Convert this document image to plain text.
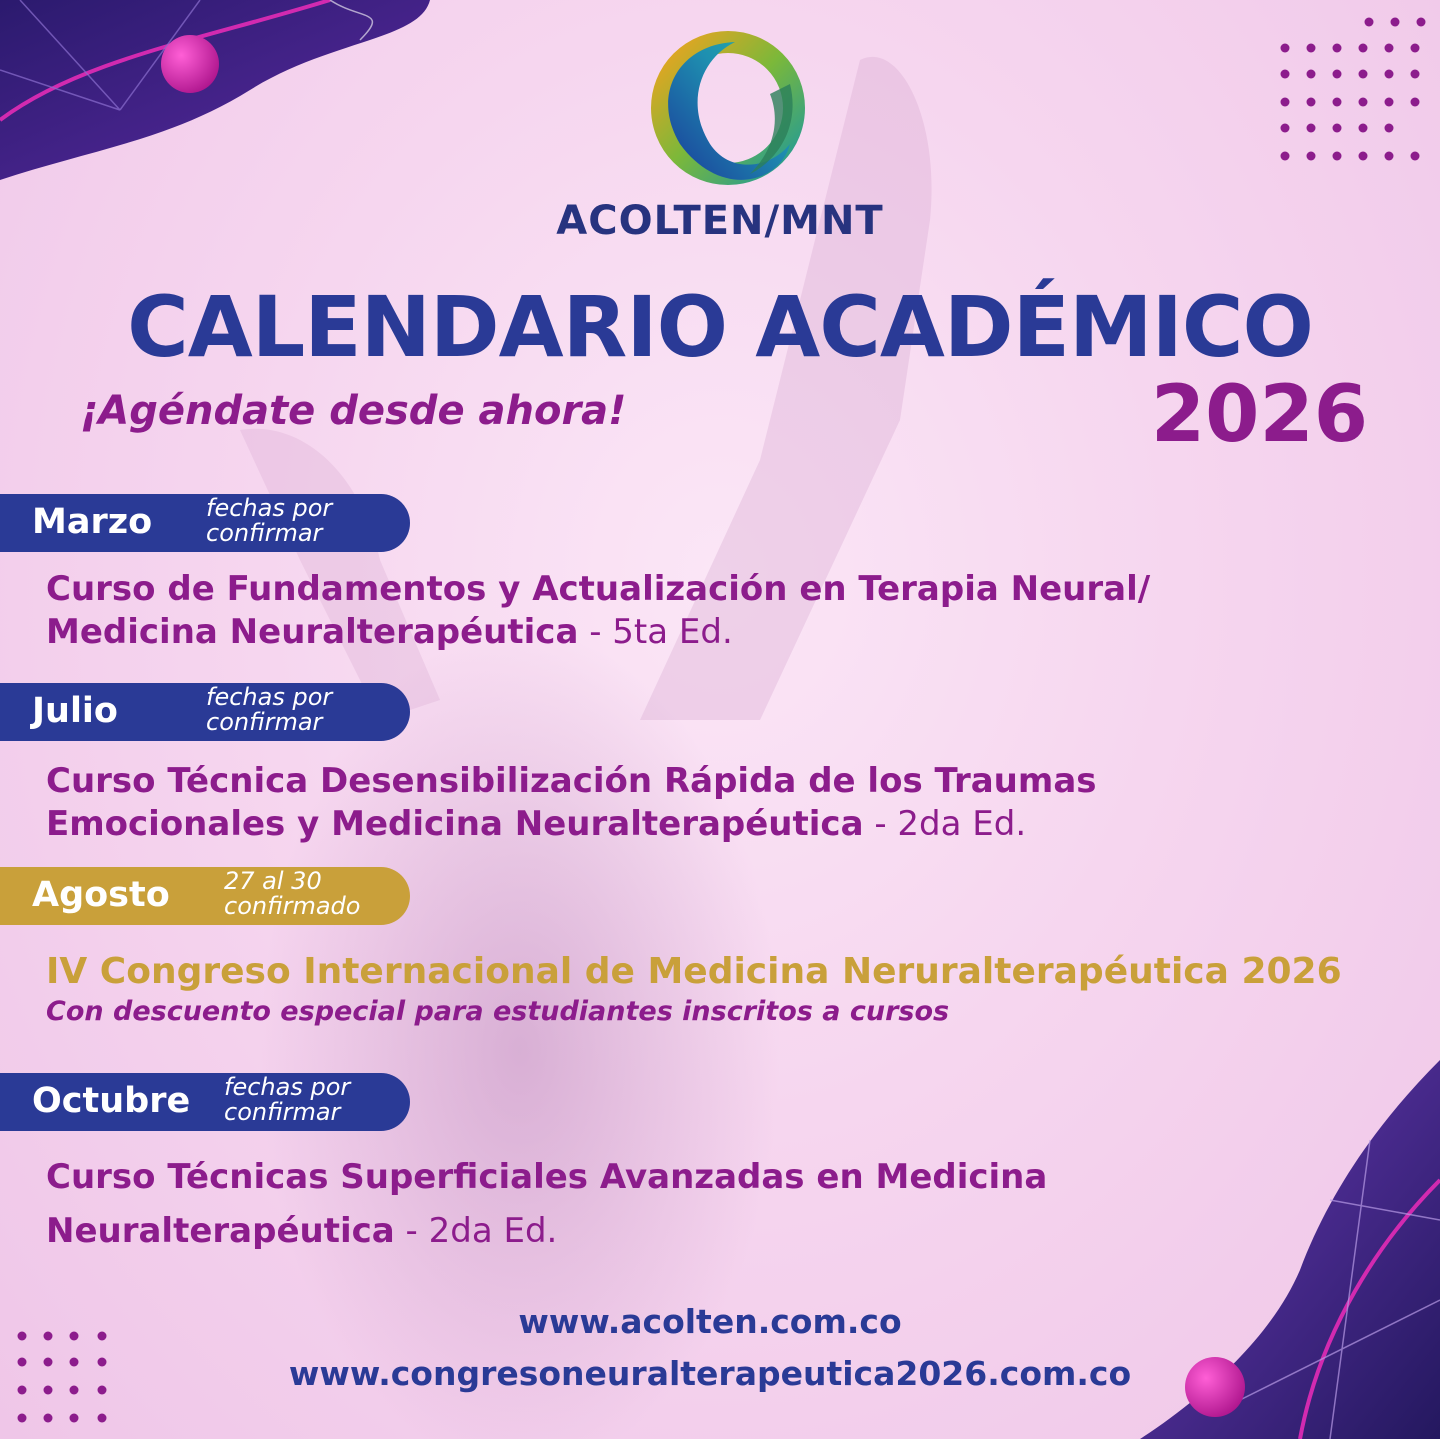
ACOLTEN/MNT
CALENDARIO ACADÉMICO
¡Agéndate desde ahora!	2026
Marzo fechas por
confirmar
Curso de Fundamentos y Actualización en Terapia Neural/
Medicina Neuralterapéutica - 5ta Ed.
Julio	fechas por
confirmar
Curso Técnica Desensibilización Rápida de los Traumas
Emocionales y Medicina Neuralterapéutica - 2da Ed.
Agosto 27 al 30
confirmado
IV Congreso Internacional de Medicina Neruralterapéutica 2026
Con descuento especial para estudiantes inscritos a cursos
Octubre fechas por
confirmar
Curso Técnicas Superficiales Avanzadas en Medicina
Neuralterapéutica - 2da Ed.
www.acolten.com.co
www.congresoneuralterapeutica2026.com.co
